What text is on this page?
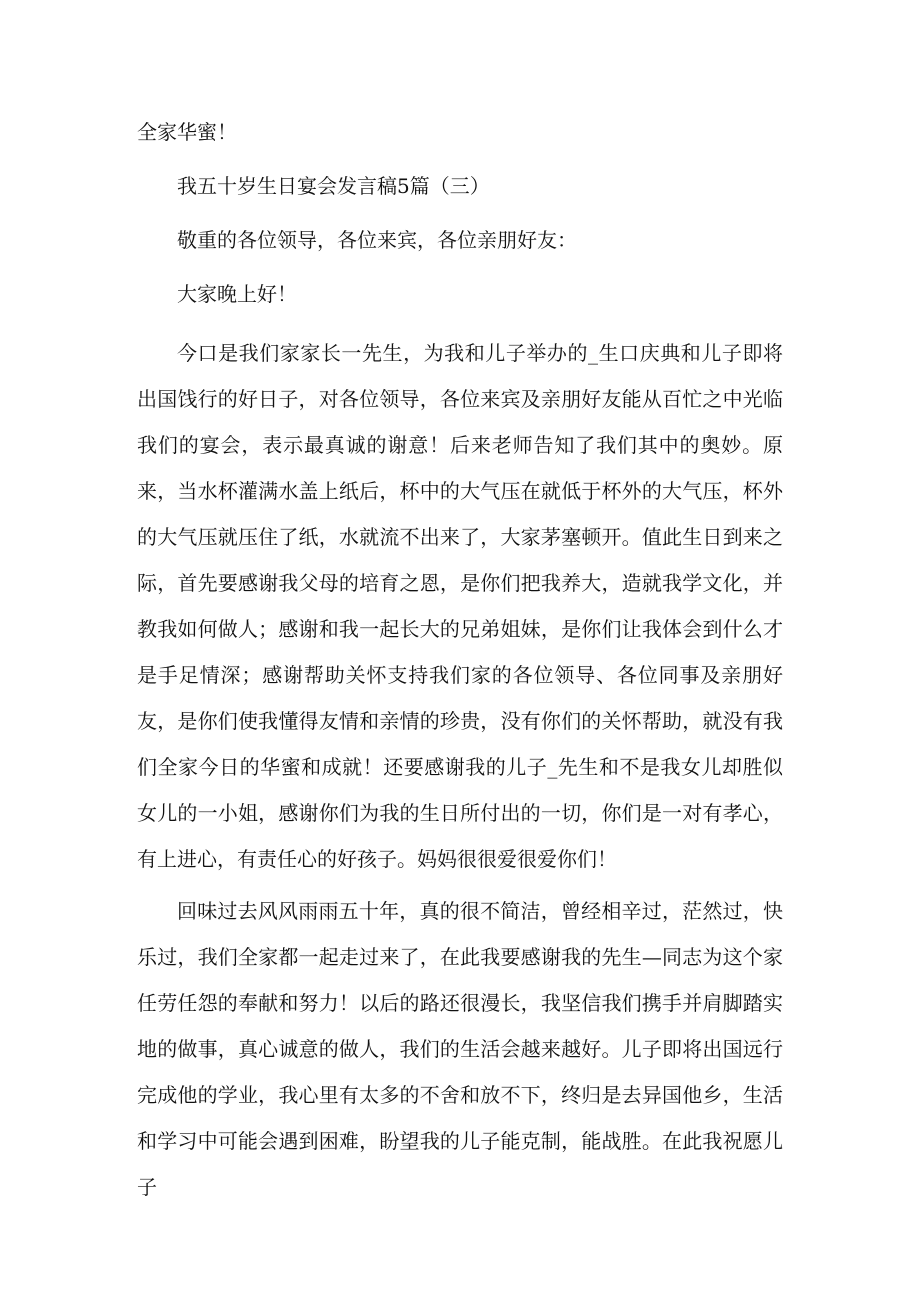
全家华蜜！

我五十岁生日宴会发言稿5篇（三）

敬重的各位领导，各位来宾，各位亲朋好友：

大家晚上好！

今口是我们家家长一先生，为我和儿子举办的_生口庆典和儿子即将出国饯行的好日子，对各位领导，各位来宾及亲朋好友能从百忙之中光临我们的宴会，表示最真诚的谢意！后来老师告知了我们其中的奥妙。原来，当水杯灌满水盖上纸后，杯中的大气压在就低于杯外的大气压，杯外的大气压就压住了纸，水就流不出来了，大家茅塞顿开。值此生日到来之际，首先要感谢我父母的培育之恩，是你们把我养大，造就我学文化，并教我如何做人；感谢和我一起长大的兄弟姐妹，是你们让我体会到什么才是手足情深；感谢帮助关怀支持我们家的各位领导、各位同事及亲朋好友，是你们使我懂得友情和亲情的珍贵，没有你们的关怀帮助，就没有我们全家今日的华蜜和成就！还要感谢我的儿子_先生和不是我女儿却胜似女儿的一小姐，感谢你们为我的生日所付出的一切，你们是一对有孝心，有上进心，有责任心的好孩子。妈妈很很爱很爱你们！

回味过去风风雨雨五十年，真的很不简洁，曾经相辛过，茫然过，快乐过，我们全家都一起走过来了，在此我要感谢我的先生—同志为这个家任劳任怨的奉献和努力！以后的路还很漫长，我坚信我们携手并肩脚踏实地的做事，真心诚意的做人，我们的生活会越来越好。儿子即将出国远行完成他的学业，我心里有太多的不舍和放不下，终归是去异国他乡，生活和学习中可能会遇到困难，盼望我的儿子能克制，能战胜。在此我祝愿儿子
